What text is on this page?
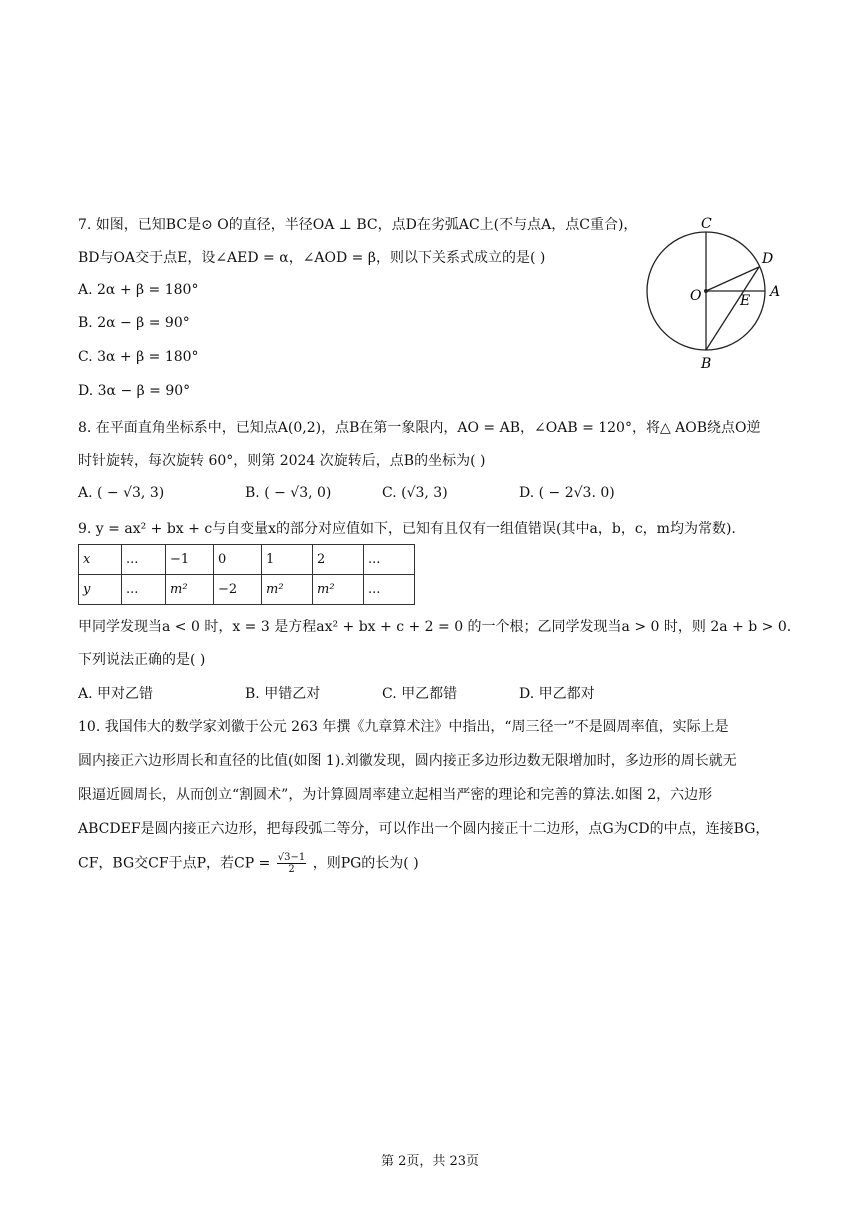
7. 如图，已知BC是⊙ O的直径，半径OA ⊥ BC，点D在劣弧AC上(不与点A，点C重合)，
BD与OA交于点E，设∠AED = α，∠AOD = β，则以下关系式成立的是( )
A. 2α + β = 180°
B. 2α − β = 90°
C. 3α + β = 180°
D. 3α − β = 90°
C
D
O	E
A
B
8. 在平面直角坐标系中，已知点A(0,2)，点B在第一象限内，AO = AB，∠OAB = 120°，将△ AOB绕点O逆
时针旋转，每次旋转 60°，则第 2024 次旋转后，点B的坐标为( )
A. ( − √3, 3)	B. ( − √3, 0)	C. (√3, 3)	D. ( − 2√3. 0)
9. y = ax² + bx + c与自变量x的部分对应值如下，已知有且仅有一组值错误(其中a，b，c，m均为常数).
x	...	−1	0	1	2	...
y	...	m²	−2	m²	m²	...
甲同学发现当a < 0 时，x = 3 是方程ax² + bx + c + 2 = 0 的一个根；乙同学发现当a > 0 时，则 2a + b > 0.
下列说法正确的是( )
A. 甲对乙错	B. 甲错乙对	C. 甲乙都错	D. 甲乙都对
10. 我国伟大的数学家刘徽于公元 263 年撰《九章算术注》中指出，“周三径一”不是圆周率值，实际上是
圆内接正六边形周长和直径的比值(如图 1).刘徽发现，圆内接正多边形边数无限增加时，多边形的周长就无
限逼近圆周长，从而创立“割圆术”，为计算圆周率建立起相当严密的理论和完善的算法.如图 2，六边形
ABCDEF是圆内接正六边形，把每段弧二等分，可以作出一个圆内接正十二边形，点G为CD的中点，连接BG，
CF，BG交CF于点P，若CP = $\frac{√3-1}{2}$ ，则PG的长为( )
第 2页，共 23页
